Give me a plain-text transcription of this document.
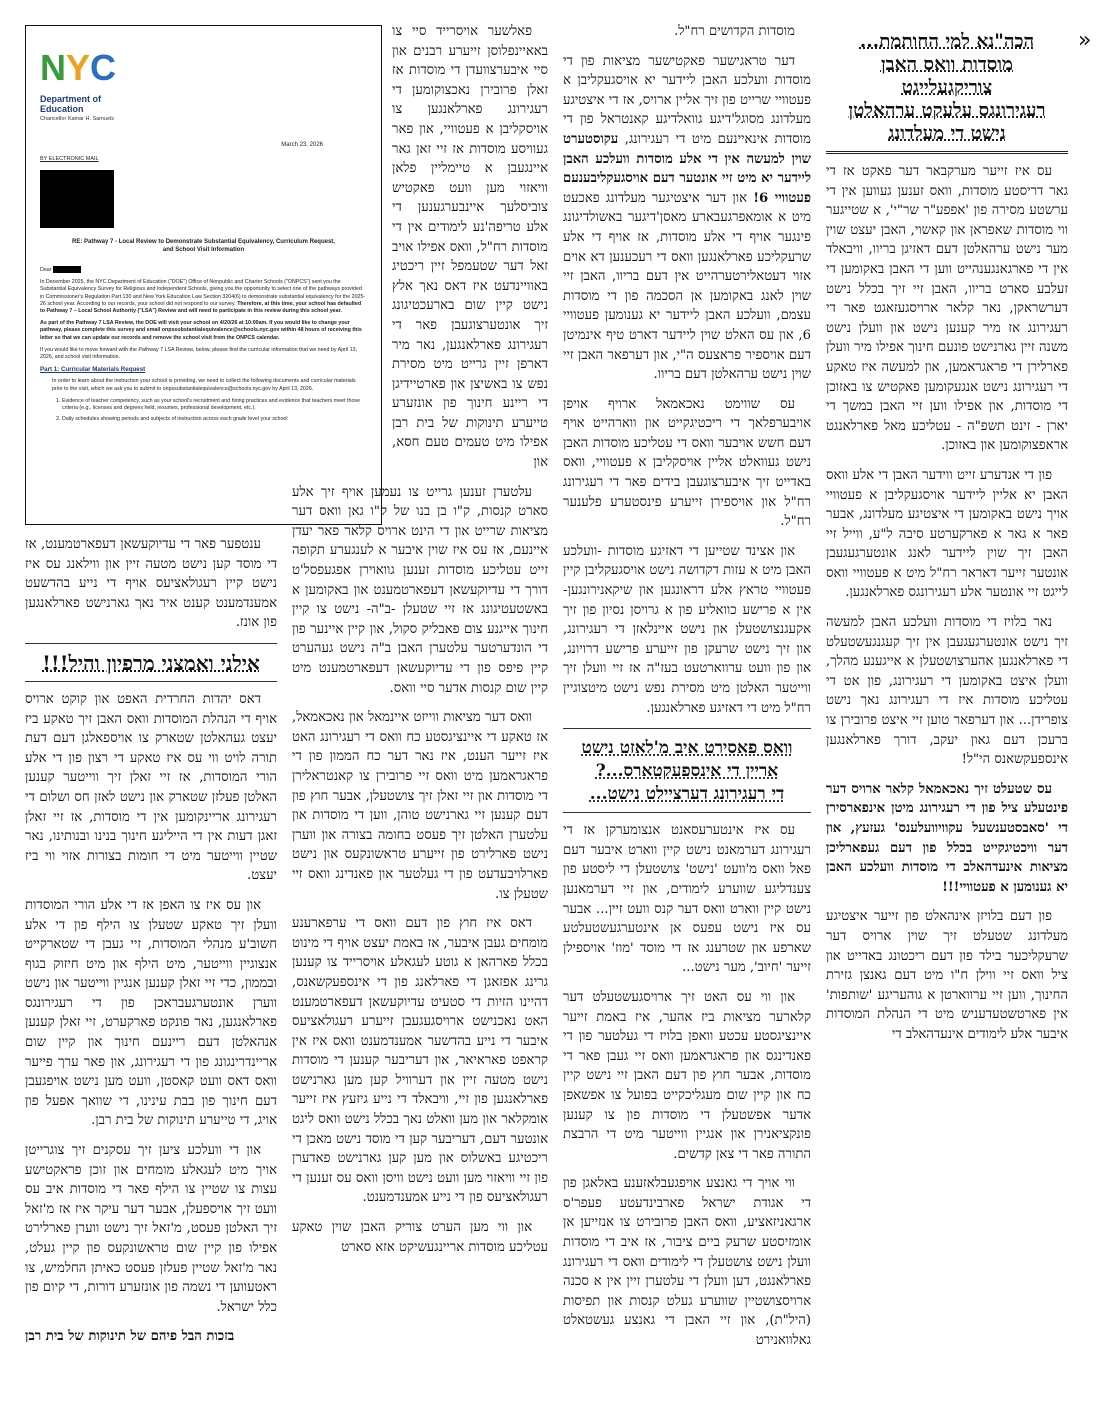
»
NYC
Department of
Education
Chancellor Kamar H. Samuels
March 23, 2026
BY ELECTRONIC MAIL
RE: Pathway 7 - Local Review to Demonstrate Substantial Equivalency, Curriculum Request, and School Visit Information

Dear

In December 2025, the NYC Department of Education ("DOE") Office of Nonpublic and Charter Schools ("ONPCS") sent you the Substantial Equivalency Survey for Religious and Independent Schools, giving you the opportunity to select one of the pathways provided in Commissioner's Regulation Part 130 and New York Education Law Section 3204(6) to demonstrate substantial equivalency for the 2025-26 school year. According to our records, your school did not respond to our survey. Therefore, at this time, your school has defaulted to Pathway 7 – Local School Authority ("LSA") Review and will need to participate in this review during this school year.

As part of the Pathway 7 LSA Review, the DOE will visit your school on 4/20/26 at 10:00am. If you would like to change your pathway, please complete this survey and email onpssubstantialequivalence@schools.nyc.gov within 48 hours of receiving this letter so that we can update our records and remove the school visit from the ONPCS calendar.

If you would like to move forward with the Pathway 7 LSA Review, below, please find the curricular information that we need by April 13, 2026, and school visit information.

Part 1: Curricular Materials Request

In order to learn about the instruction your school is providing, we need to collect the following documents and curricular materials prior to the visit, which we ask you to submit to onpssubstantialequivalence@schools.nyc.gov by April 13, 2026.

1. Evidence of teacher competency, such as your school's recruitment and hiring practices and evidence that teachers meet those criteria (e.g., licenses and degrees held, resumes, professional development, etc.).
2. Daily schedules showing periods and subjects of instruction across each grade level your school
הכה"נא למי החותמת...
מוסדות וואס האבן
צוריקגעלייגט
רעגירונגס עלעקט ערהאלטן
נישט די מעלדונג

עס איז זייער מערקבאר דער פאקט אז די גאר דריסטע מוסדות, וואס זענען געווען אין די ערשטע מסירה פון 'אפפע"ר שר"י', א שטייגער ווי מוסדות שאפראן און קאשוי, האבן יעצט שוין מער נישט ערהאלטן דעם דאזיגן בריוו, וויבאלד אין די פארגאנגענהייט ווען די האבן באקומען די זעלבע סארט בריוו, האבן זיי זיך בכלל נישט דערשראקן, נאר קלאר ארויסגעזאגט פאר די רעגירונג אז מיר קענען נישט און וועלן נישט משנה זיין גארנישט פונעם חינוך אפילו מיר וועלן פארלירן די פראגראמען, און למעשה איז טאקע די רעגירונג נישט אנגעקומען פאקטיש צו באזוכן די מוסדות, און אפילו ווען זיי האבן במשך די יארן - זינט תשפ"ה - עטליכע מאל פארלאנגט אראפצוקומען און באזוכן.

פון די אנדערע זייט ווידער האבן די אלע וואס האבן יא אליין ליידער אויסגעקליבן א פעטוויי אויך נישט באקומען די איצטיגע מעלדונג, אבער פאר א גאר א פארקערטע סיבה ל"ע, ווייל זיי האבן זיך שוין ליידער לאנג אונטערגעגעבן אונטער זייער דאראר רח"ל מיט א פעטוויי וואס לייגט זיי אונטער אלע רעגירונגס פארלאנגען.

נאר בלויז די מוסדות וועלכע האבן למעשה זיך נישט אונטערגעגעבן אין זיך קעגנגעשטעלט די פארלאנגען אהערצושטעלן א אייגענע מהלך, וועלן איצט באקומען די רעגירונג, פון אט די עטליכע מוסדות איז די רעגירונג נאך נישט צופרידן... און דערפאר טוען זיי איצט פרובירן צו ברעכן דעם גאון יעקב, דורך פארלאנגען אינספעקשאנס הי"ל!

עס שטעלט זיך נאכאמאל קלאר ארויס דער פינטעלע ציל פון די רעגירונג מיטן אינפארסירן די 'סאבסטענשעל עקוויוועלענס' געזעץ, און דער וויכטיגקייט בכלל פון דעם געפארליכן מציאות אינעדהאלב די מוסדות וועלכע האבן יא גענומען א פעטוויי!!!

פון דעם בלויזן אינהאלט פון זייער איצטיגע מעלדונג שטעלט זיך שוין ארויס דער שרעקליכער בילד פון דעם ריכטונג באדייט און ציל וואס זיי ווילן ח"ו מיט דעם גאנצן גזירת החינוך, ווען זיי ערווארטן א גוהעריגע 'שותפות' אין פארטשטעדעניש מיט די הנהלת המוסדות איבער אלע לימודים אינעדהאלב די

מוסדות הקדושים רח"ל.

דער טראגישער פאקטישער מציאות פון די מוסדות וועלכע האבן ליידער יא אויסגעקליבן א פעטוויי שרייט פון זיך אליין ארויס, אז די איצטיגע מעלדונג מסוגל'דיגע גוואלדיגע קאנטראל פון די מוסדות אינאיינעם מיט די רעגירונג, עקוסטערט שוין למעשה אין די אלע מוסדות וועלכע האבן ליידער יא מיט זיי אונטער דעם אויסגעקליבענעם פעטוויי 6! און דער איצטיגער מעלדונג פאכעט מיט א אומאפרגעבארע מאסן'דיגער באשולדיגונג פינגער אויף די אלע מוסדות, אז אויף די אלע שרעקליכע פארלאנגען וואס די רעכענען דא אוים אזוי דעטאלירטערהייט אין דעם בריוו, האבן זיי שוין לאנג באקומען אן הסכמה פון די מוסדות עצמם, וועלכע האבן ליידער יא גענומען פעטוויי 6, און עס האלט שוין ליידער דארט טיף אינמיטן דעם אויספיר פראצעס ה"י, און דערפאר האבן זיי שוין נישט ערהאלטן דעם בריוו.

עס שווימט נאכאמאל ארויף אויפן אויבערפלאך די ריכטיגקייט און ווארהייט אויף דעם חשש אויבער וואס די עטליכע מוסדות האבן נישט געוואלט אליין אויסקליבן א פעטוויי, וואס באדייט זיך איבערצוגעבן בידים פאר די רעגירונג רח"ל און אויספירן זייערע פינסטערע פלענער רח"ל.

און אצינד שטייען די דאזיגע מוסדות -וועלכע האבן מיט א עזות דקדושה נישט אויסגעקליבן קיין פעטוויי טראץ אלע דראונגען און שיקאנירונגען- אין א פרישע כוואליע פון א גרויסן נסיון פון זיך אקעגנצושטעלן און נישט איינלאזן די רעגירונג, און זיך נישט שרעקן פון זייערע פרישע דרויונג, און פון וועט ערווארטעט בעז"ה אז זיי וועלן זיך ווייטער האלטן מיט מסירת נפש נישט מיטצוגיין רח"ל מיט די דאזיגע פארלאנגען.

וואס פאסירט איב מ'לאזט נישט
אריין די אינספעקטארס...?
די רעגירונג דערציילט נישט...

עס איז אינטערעסאנט אנצומערקן אז די רעגירונג דערמאנט נישט קיין ווארט איבער דעם פאל וואס מ'וועט 'נישט' צושטעלן די ליסטע פון צענדליגע שווערע לימודים, און זיי דערמאנען נישט קיין ווארט וואס דער קנס וועט זיין... אבער עס איז נישט עפעס אן אינטערגעשטעלטע שארפע און שטרענג אז די מוסד 'מוז' אויספילן זייער 'חיוב', מער נישט...

און ווי עס האט זיך ארויסגעשטעלט דער קלארער מציאות ביז אהער, איז באמת זייער איינציגסטע עכטע וואפן בלויז די געלטער פון די פאנדינגס און פראגראמען וואס זיי געבן פאר די מוסדות, אבער חוץ פון דעם האבן זיי נישט קיין כח און קיין שום מעגליכקייט בפועל צו אפשאפן אדער אפשטעלן די מוסדות פון צו קענען פונקציאנירן און אנגיין ווייטער מיט די הרבצת התורה פאר די צאן קדשים.

ווי אויך די גאנצע אויפגעבלאזענע באלאגן פון די אגודת ישראל פארבינדעטע פעפר'ס ארגאניזאציע, וואס האבן פרובירט צו אנזייען אן אומזיסטע שרעק ביים ציבור, אז איב די מוסדות וועלן נישט צושטעלן די לימודים וואס די רעגירונג פארלאנגט, דען וועלן די עלטערן זיין אין א סכנה ארויסצושטיין שווערע געלט קנסות און תפיסות (היל"ת), און זיי האבן די גאנצע געשטאלט גאלוואנירט

פאלשער אויסרייד סיי צו באאיינפלוסן זייערע רבנים און סיי איבערצוועדן די מוסדות אז זאלן פרובירן נאכצוקומען די רעגירונג פארלאנגען צו אויסקליבן א פעטוויי, און פאר געוויסע מוסדות אז זיי זאן גאר איינגעבן א טיימליין פלאן וויאזוי מען וועט פאקטיש צוביסלעך איינבערגענען די אלע טריפה'נע לימודים אין די מוסדות רח"ל, וואס אפילו אויב זאל דער שטעמפל זיין ריכטיג באוויינדעט איז דאס נאך אלץ נישט קיין שום בארעכטיגונג זיך אונטערצוגעבן פאר די רעגירונג פארלאנגען, נאר מיר דארפן זיין גרייט מיט מסירת נפש צו באשיצן און פארטיידיגן די ריינע חינוך פון אונזערע טייערע תינוקות של בית רבן אפילו מיט טעמים טעם חסא, און

עלטערן זענען גרייט צו נעמען אויף זיך אלע סארט קנסות, ק"ו בן בנו של ק"ו גאן וואס דער מציאות שרייט און די הינט ארויס קלאר פאר יעדן איינעם, אז עס איז שוין איבער א לענגערע תקופה זייט עטליכע מוסדות זענען גוואוירן אפגעפסל'ט דורך די עדיוקעשאן דעפארטמענט און באקומען א באשטעטיגונג אז זיי שטעלן -ב"ה- נישט צו קיין חינוך אייגנע צום פאבליק סקול, און קיין איינער פון די הונדערטער עלטערן האבן ב"ה נישט געהערט קיין פיפס פון די עדיוקעשאן דעפארטמענט מיט קיין שום קנסות אדער סיי וואס.

וואס דער מציאות ווייזט איינמאל און נאכאמאל, אז טאקע די איינציגסטע כח וואס די רעגירונג האט איז זייער הענט, איז נאר דער כח הממון פון די פראגראמען מיט וואס זיי פרובירן צו קאנטראלירן די מוסדות און זיי זאלן זיך צושטעלן, אבער חוץ פון דעם קענען זיי גארנישט טוהן, ווען די מוסדות און עלטערן האלטן זיך פעסט בחומה בצורה און ווערן נישט פארלירט פון זייערע טראשונקעס און נישט פארלויבעדעט פון די געלטער און פאנדינג וואס זיי שטעלן צו.

דאס איז חוץ פון דעם וואס די ערפארענע מומחים געבן איבער, אז באמת יעצט אויף די מינוט בכלל פארהאן א גוטע לעגאלע אויסרייד צו קענען גרינג אפזאגן די פארלאנג פון די אינספעקשאנס, דהיינו הזיות די סטעיט עדיוקעשאן דעפארטמענט האט נאכנישט ארויסגעגעבן זייערע רעגולאציעס איבער די נייע בהדשער אמענדמענט וואס איז אין קראפט פאראיאר, און דעריבער קענען די מוסדות נישט מטעה זיין און דערוויל קען מען גארנישט פארלאנגען פון זיי, וויבאלד די נייע גיזעץ איז זייער אומקלאר און מען וואלט נאך בכלל נישט וואס ליגט אונטער דעם, דעריבער קען די מוסד נישט מאכן די ריכטיגע באשלוס און מען קען גארנישט פאדערן פון זיי וויאזוי מען וועט נישט וויסן וואס עס זענען די רעגולאציעס פון די נייע אמענדמענט.

און ווי מען הערט צוריק האבן שוין טאקע עטליכע מוסדות אריינגעשיקט אזא סארט

ענטפער פאר די עדיוקעשאן דעפארטמענט, אז די מוסד קען נישט מטעה זיין און ווילאנג עס איז נישט קיין רעגולאציעס אויף די נייע בהדשעט אמענדמענט קענט איר נאך גארנישט פארלאנגען פון אונז.

אילני ואמצני מרפיון והיל!!!

דאס יהדות החרדית האפט און קוקט ארויס אויף די הנהלת המוסדות וואס האבן זיך טאקע ביז יעצט געהאלטן שטארק צו אויספאלגן דעם דעת תורה לויט ווי עס איז טאקע די רצון פון די אלע הורי המוסדות, אז זיי זאלן זיך ווייטער קענען האלטן פעלזן שטארק און נישט לאזן חס ושלום די רעגירונג אריינקומען אין די מוסדות, אז זיי זאלן זאגן דעות אין די הייליגע חינוך בנינו ובנותינו, נאר שטיין ווייטער מיט די חומות בצורות אזוי ווי ביז יעצט.

און עס איז צו האפן אז די אלע הורי המוסדות וועלן זיך טאקע שטעלן צו הילף פון די אלע חשוב'ע מנהלי המוסדות, זיי געבן די שטארקייט אנצוגיין ווייטער, מיט הילף און מיט חיזוק בגוף ובממון, כדי זיי זאלן קענען אנגיין ווייטער און נישט ווערן אונטערגעבראכן פון די רעגירונגס פארלאנגען, נאר פונקט פארקערט, זיי זאלן קענען אנהאלטן דעם ריינעם חינוך און קיין שום אריינדרינגונג פון די רעגירונג, און פאר ערך פייער וואס דאס וועט קאסטן, וועט מען נישט אויפגעבן דעם חינוך פון בבת עינינו, די שוואך אפעל פון אויג, די טייערע תינוקות של בית רבן.

און די וועלכע ציען זיך עסקנים זיך צוגרייטן אויך מיט לעגאלע מומחים און זוכן פראקטישע עצות צו שטיין צו הילף פאר די מוסדות איב עס וועט זיך אויספעלן, אבער דער עיקר איז אז מ'זאל זיך האלטן פעסט, מ'זאל זיך נישט ווערן פארלירט אפילו פון קיין שום טראשונקעס פון קיין געלט, נאר מ'זאל שטיין פעלזן פעסט כאיתן החלמיש, צו ראטעווען די נשמה פון אונזערע דורות, די קיום פון כלל ישראל.

בזכות הבל פיהם של תינוקות של בית רבן
